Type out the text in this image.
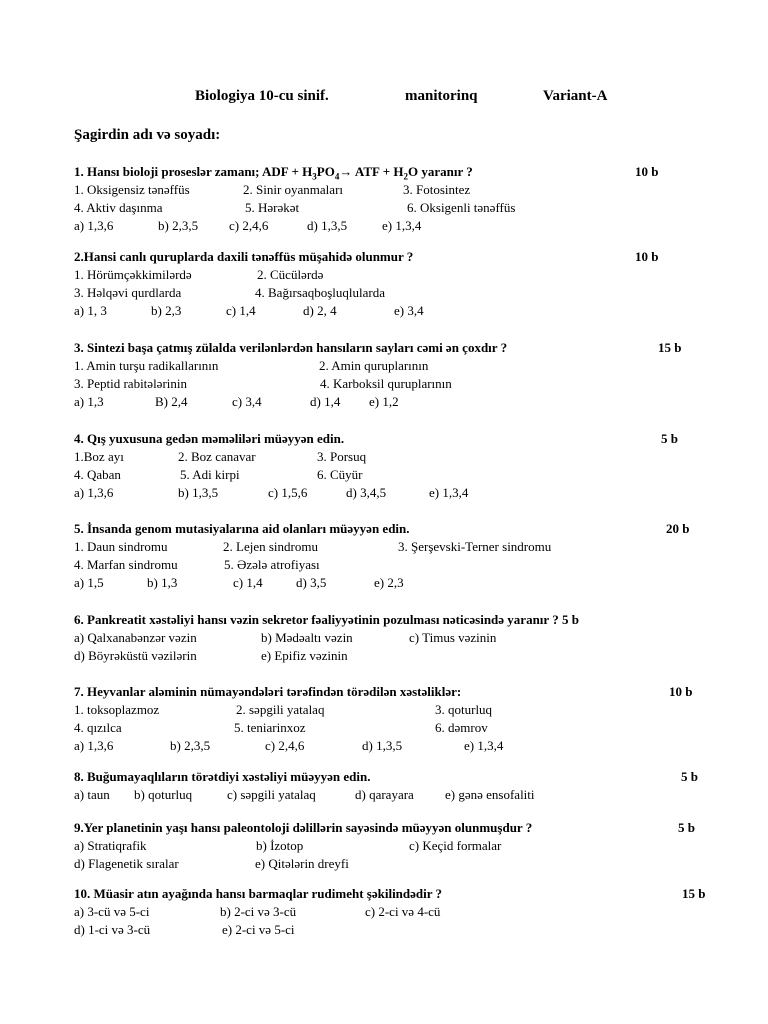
Biologiya 10-cu sinif.	manitorinq	Variant-A
Şagirdin adı və soyadı:
1. Hansı bioloji proseslər zamanı; ADF + $H_3PO_4\to$ ATF + $H_2O$ yaranır ?	10 b
1. Oksigensiz tənəffüs	2. Sinir oyanmaları	3. Fotosintez
4. Aktiv daşınma	5. Hərəkət	6. Oksigenli tənəffüs
a) 1,3,6	b) 2,3,5 c) 2,4,6	d) 1,3,5	e) 1,3,4
2.Hansi canlı quruplarda daxili tənəffüs müşahidə olunmur ?	10 b
1. Hörümçəkkimilərdə	2. Cücülərdə
3. Həlqəvi qurdlarda	4. Bağırsaqboşluqlularda
a) 1, 3	b) 2,3	c) 1,4	d) 2, 4	e) 3,4
3. Sintezi başa çatmış zülalda verilənlərdən hansıların sayları cəmi ən çoxdır ?	15 b
1. Amin turşu radikallarının	2. Amin quruplarının
3. Peptid rabitələrinin	4. Karboksil quruplarının
a) 1,3	B) 2,4	c) 3,4	d) 1,4 e) 1,2
4. Qış yuxusuna gedən məməliləri müəyyən edin.	5 b
1.Boz ayı	2. Boz canavar	3. Porsuq
4. Qaban	5. Adi kirpi	6. Cüyür
a) 1,3,6	b) 1,3,5	c) 1,5,6	d) 3,4,5	e) 1,3,4
5. İnsanda genom mutasiyalarına aid olanları müəyyən edin.	20 b
1. Daun sindromu	2. Lejen sindromu	3. Şerşevski-Terner sindromu
4. Marfan sindromu	5. Əzələ atrofiyası
a) 1,5	b) 1,3	c) 1,4	d) 3,5	e) 2,3
6. Pankreatit xəstəliyi hansı vəzin sekretor fəaliyyətinin pozulması nəticəsində yaranır ? 5 b
a) Qalxanabənzər vəzin	b) Mədəaltı vəzin	c) Timus vəzinin
d) Böyrəküstü vəzilərin	e) Epifiz vəzinin
7. Heyvanlar aləminin nümayəndələri tərəfindən törədilən xəstəliklər:	10 b
1. toksoplazmoz	2. səpgili yatalaq	3. qoturluq
4. qızılca	5. teniarinxoz	6. dəmrov
a) 1,3,6	b) 2,3,5	c) 2,4,6	d) 1,3,5	e) 1,3,4
8. Buğumayaqlıların törətdiyi xəstəliyi müəyyən edin.	5 b
a) taun b) qoturluq	c) səpgili yatalaq	d) qarayara e) gənə ensofaliti
9.Yer planetinin yaşı hansı paleontoloji dəlillərin sayəsində müəyyən olunmuşdur ?	5 b
a) Stratiqrafik	b) İzotop	c) Keçid formalar
d) Flagenetik sıralar	e) Qitələrin dreyfi
10. Müasir atın ayağında hansı barmaqlar rudimeht şəkilindədir ?	15 b
a) 3-cü və 5-ci	b) 2-ci və 3-cü	c) 2-ci və 4-cü
d) 1-ci və 3-cü	e) 2-ci və 5-ci
